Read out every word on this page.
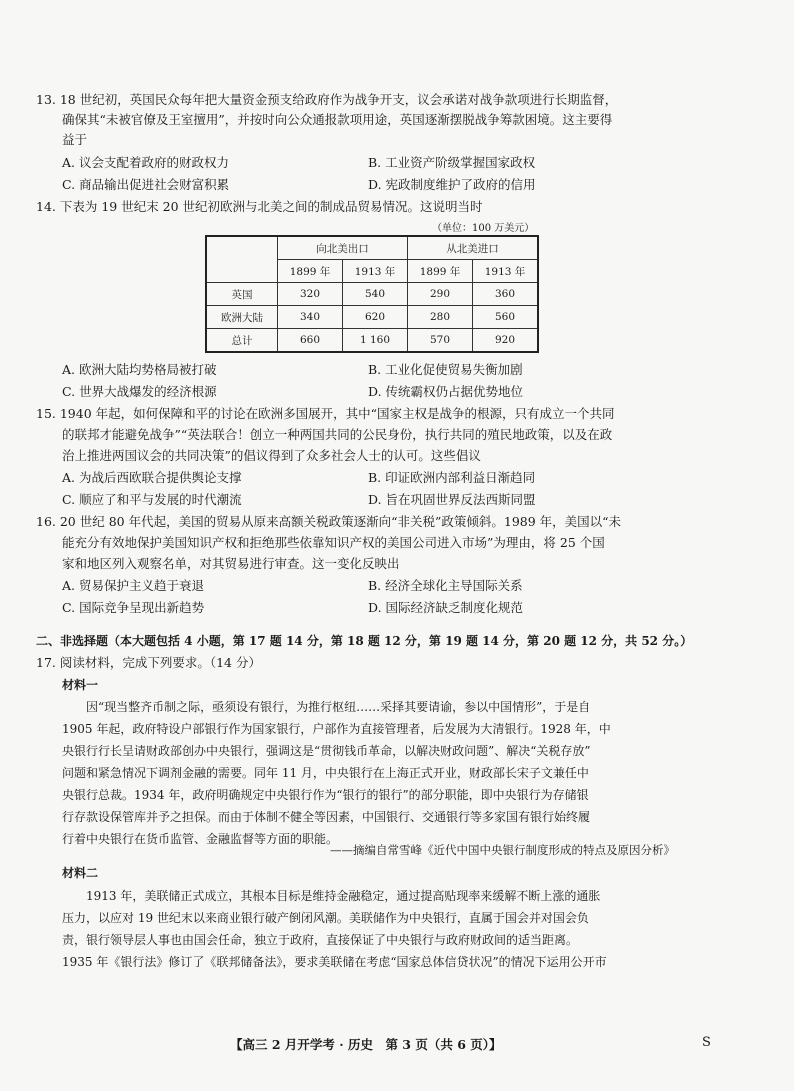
13. 18 世纪初，英国民众每年把大量资金预支给政府作为战争开支，议会承诺对战争款项进行长期监督，
确保其“未被官僚及王室擅用”，并按时向公众通报款项用途，英国逐渐摆脱战争筹款困境。这主要得
益于
A. 议会支配着政府的财政权力	B. 工业资产阶级掌握国家政权
C. 商品输出促进社会财富积累	D. 宪政制度维护了政府的信用
14. 下表为 19 世纪末 20 世纪初欧洲与北美之间的制成品贸易情况。这说明当时
（单位：100 万美元）
	向北美出口		从北美进口	
	1899 年	1913 年	1899 年	1913 年
英国	320	540	290	360
欧洲大陆	340	620	280	560
总计	660	1 160	570	920
A. 欧洲大陆均势格局被打破	B. 工业化促使贸易失衡加剧
C. 世界大战爆发的经济根源	D. 传统霸权仍占据优势地位
15. 1940 年起，如何保障和平的讨论在欧洲多国展开，其中“国家主权是战争的根源，只有成立一个共同
的联邦才能避免战争”“英法联合！创立一种两国共同的公民身份，执行共同的殖民地政策，以及在政
治上推进两国议会的共同决策”的倡议得到了众多社会人士的认可。这些倡议
A. 为战后西欧联合提供舆论支撑	B. 印证欧洲内部利益日渐趋同
C. 顺应了和平与发展的时代潮流	D. 旨在巩固世界反法西斯同盟
16. 20 世纪 80 年代起，美国的贸易从原来高额关税政策逐渐向“非关税”政策倾斜。1989 年，美国以“未
能充分有效地保护美国知识产权和拒绝那些依靠知识产权的美国公司进入市场”为理由，将 25 个国
家和地区列入观察名单，对其贸易进行审查。这一变化反映出
A. 贸易保护主义趋于衰退	B. 经济全球化主导国际关系
C. 国际竞争呈现出新趋势	D. 国际经济缺乏制度化规范
二、非选择题（本大题包括 4 小题，第 17 题 14 分，第 18 题 12 分，第 19 题 14 分，第 20 题 12 分，共 52 分。）
17. 阅读材料，完成下列要求。（14 分）
材料一
　　因“现当整齐币制之际，亟须设有银行，为推行枢纽……采择其要请谕，参以中国情形”，于是自
1905 年起，政府特设户部银行作为国家银行，户部作为直接管理者，后发展为大清银行。1928 年，中
央银行行长呈请财政部创办中央银行，强调这是“贯彻钱币革命，以解决财政问题”、解决“关税存放”
问题和紧急情况下调剂金融的需要。同年 11 月，中央银行在上海正式开业，财政部长宋子文兼任中
央银行总裁。1934 年，政府明确规定中央银行作为“银行的银行”的部分职能，即中央银行为存储银
行存款设保管库并予之担保。而由于体制不健全等因素，中国银行、交通银行等多家国有银行始终履
行着中央银行在货币监管、金融监督等方面的职能。
——摘编自常雪峰《近代中国中央银行制度形成的特点及原因分析》
材料二
　　1913 年，美联储正式成立，其根本目标是维持金融稳定，通过提高贴现率来缓解不断上涨的通胀
压力，以应对 19 世纪末以来商业银行破产倒闭风潮。美联储作为中央银行，直属于国会并对国会负
责，银行领导层人事也由国会任命，独立于政府，直接保证了中央银行与政府财政间的适当距离。
1935 年《银行法》修订了《联邦储备法》，要求美联储在考虑“国家总体信贷状况”的情况下运用公开市
【高三 2 月开学考 · 历史　第 3 页（共 6 页）】	S
